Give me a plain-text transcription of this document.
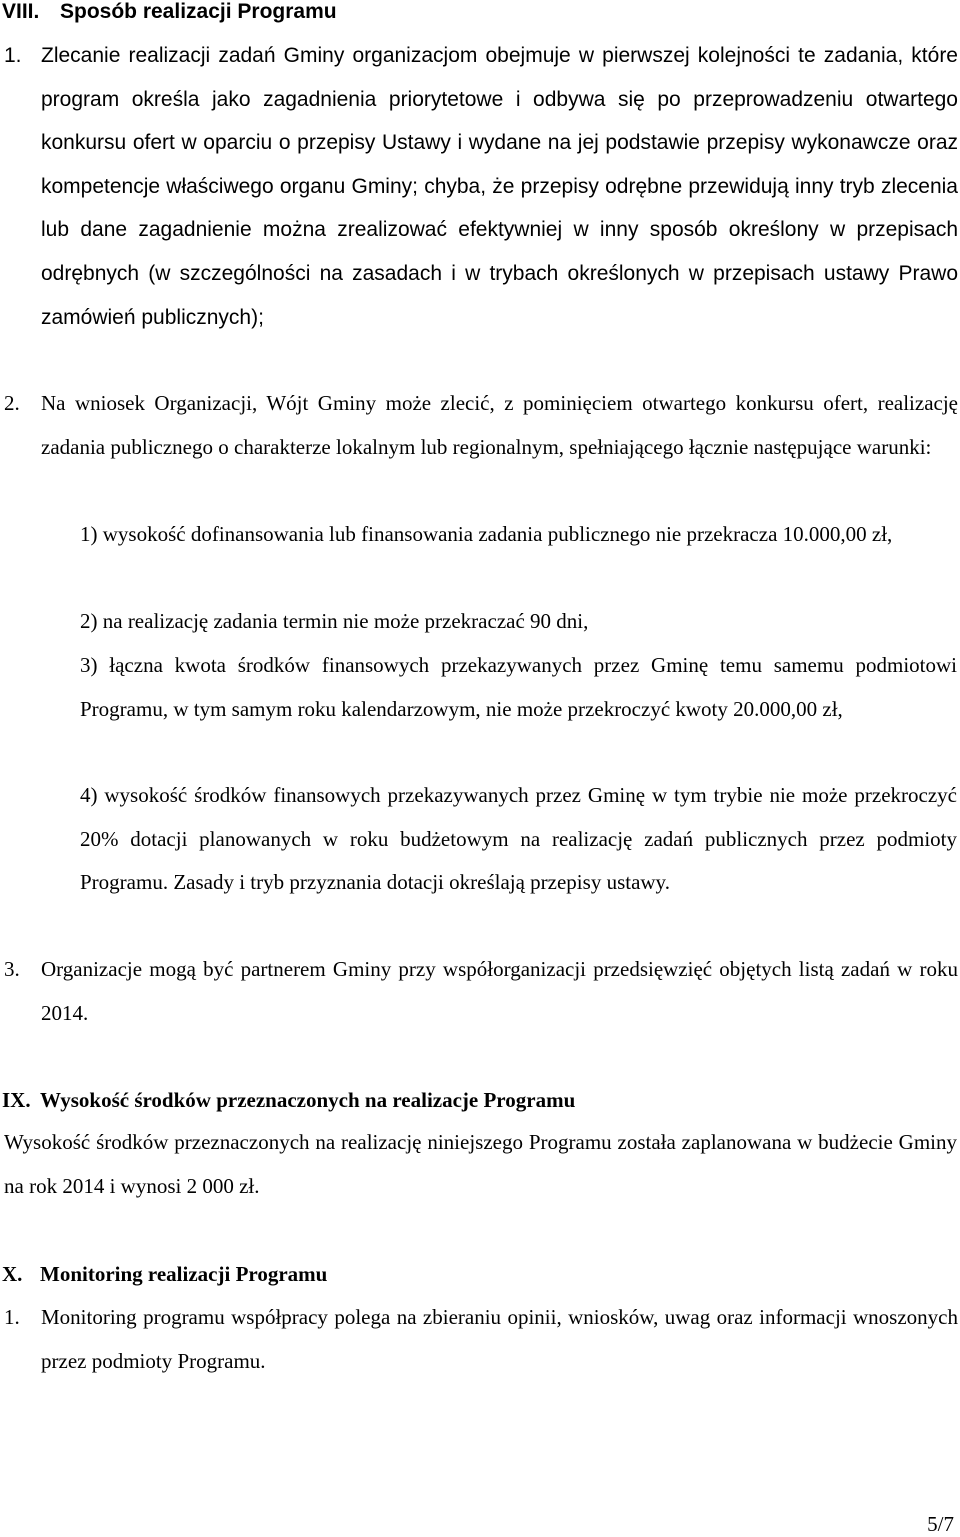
VIII. Sposób realizacji Programu
1. Zlecanie realizacji zadań Gminy organizacjom obejmuje w pierwszej kolejności te zadania, które program określa jako zagadnienia priorytetowe i odbywa się po przeprowadzeniu otwartego konkursu ofert w oparciu o przepisy Ustawy i wydane na jej podstawie przepisy wykonawcze oraz kompetencje właściwego organu Gminy; chyba, że przepisy odrębne przewidują inny tryb zlecenia lub dane zagadnienie można zrealizować efektywniej w inny sposób określony w przepisach odrębnych (w szczególności na zasadach i w trybach określonych w przepisach ustawy Prawo zamówień publicznych);
2. Na wniosek Organizacji, Wójt Gminy może zlecić, z pominięciem otwartego konkursu ofert, realizację zadania publicznego o charakterze lokalnym lub regionalnym, spełniającego łącznie następujące warunki:
1) wysokość dofinansowania lub finansowania zadania publicznego nie przekracza 10.000,00 zł,
2) na realizację zadania termin nie może przekraczać 90 dni,
3) łączna kwota środków finansowych przekazywanych przez Gminę temu samemu podmiotowi Programu, w tym samym roku kalendarzowym, nie może przekroczyć kwoty 20.000,00 zł,
4) wysokość środków finansowych przekazywanych przez Gminę w tym trybie nie może przekroczyć 20% dotacji planowanych w roku budżetowym na realizację zadań publicznych przez podmioty Programu. Zasady i tryb przyznania dotacji określają przepisy ustawy.
3. Organizacje mogą być partnerem Gminy przy współorganizacji przedsięwzięć objętych listą zadań w roku 2014.
IX. Wysokość środków przeznaczonych na realizacje Programu
Wysokość środków przeznaczonych na realizację niniejszego Programu została zaplanowana w budżecie Gminy na rok 2014 i wynosi 2 000 zł.
X. Monitoring realizacji Programu
1. Monitoring programu współpracy polega na zbieraniu opinii, wniosków, uwag oraz informacji wnoszonych przez podmioty Programu.
5/7
